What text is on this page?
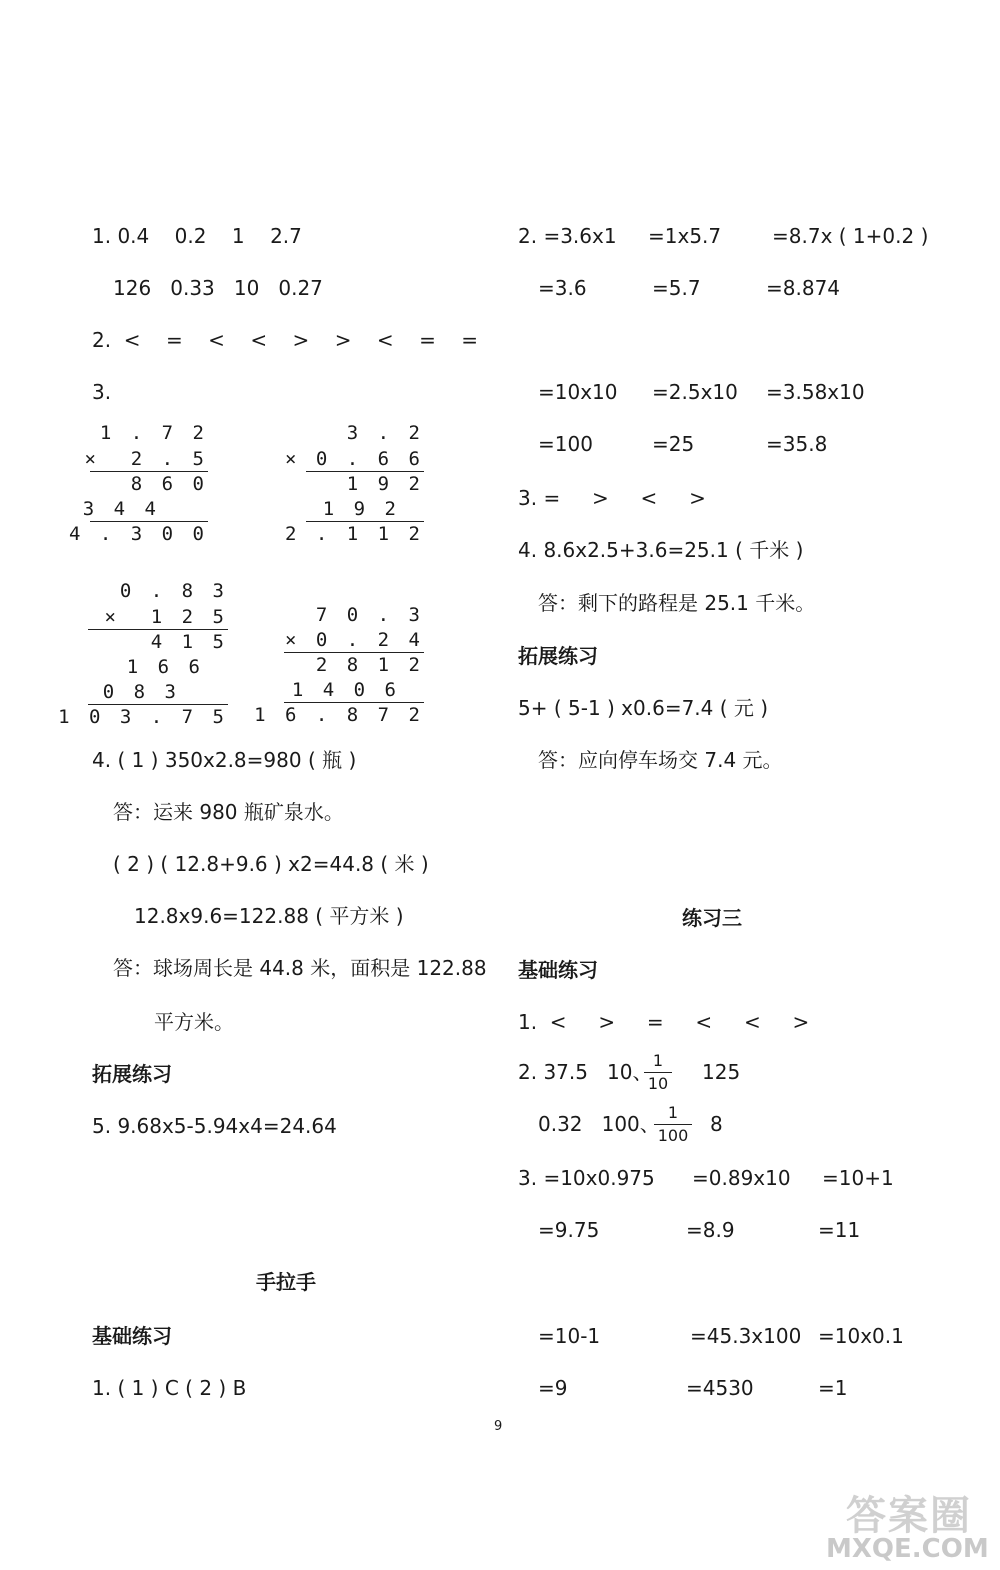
1. 0.4    0.2    1    2.7
126   0.33   10   0.27
2.  <    =    <    <    >    >    <    =    =
3.
1 . 7 2
×  2 . 5
8 6 0
3 4 4
4 . 3 0 0
3 . 2
× 0 . 6 6
1 9 2
1 9 2
2 . 1 1 2
0 . 8 3
×  1 2 5
4 1 5
1 6 6
0 8 3
1 0 3 . 7 5
7 0 . 3
× 0 . 2 4
2 8 1 2
1 4 0 6
1 6 . 8 7 2
4. ( 1 ) 350x2.8=980 ( 瓶 )
答：运来 980 瓶矿泉水。
( 2 ) ( 12.8+9.6 ) x2=44.8 ( 米 )
12.8x9.6=122.88 ( 平方米 )
答：球场周长是 44.8 米，面积是 122.88
平方米。
拓展练习
5. 9.68x5-5.94x4=24.64
手拉手
基础练习
1. ( 1 ) C ( 2 ) B
2. =3.6x1 =1x5.7	=8.7x ( 1+0.2 )
=3.6	=5.7	=8.874
=10x10 =2.5x10 =3.58x10
=100	=25	=35.8
3. =     >     <     >
4. 8.6x2.5+3.6=25.1 ( 千米 )
答：剩下的路程是 25.1 千米。
拓展练习
5+ ( 5-1 ) x0.6=7.4 ( 元 )
答：应向停车场交 7.4 元。
练习三
基础练习
1.  <     >     =     <     <     >
2. 37.5   10、 1
10 125
0.32   100、 1
100 8
3. =10x0.975 =0.89x10 =10+1
=9.75	=8.9	=11
=10-1	=45.3x100 =10x0.1
=9	=4530	=1
9
答案圈
MXQE.COM
